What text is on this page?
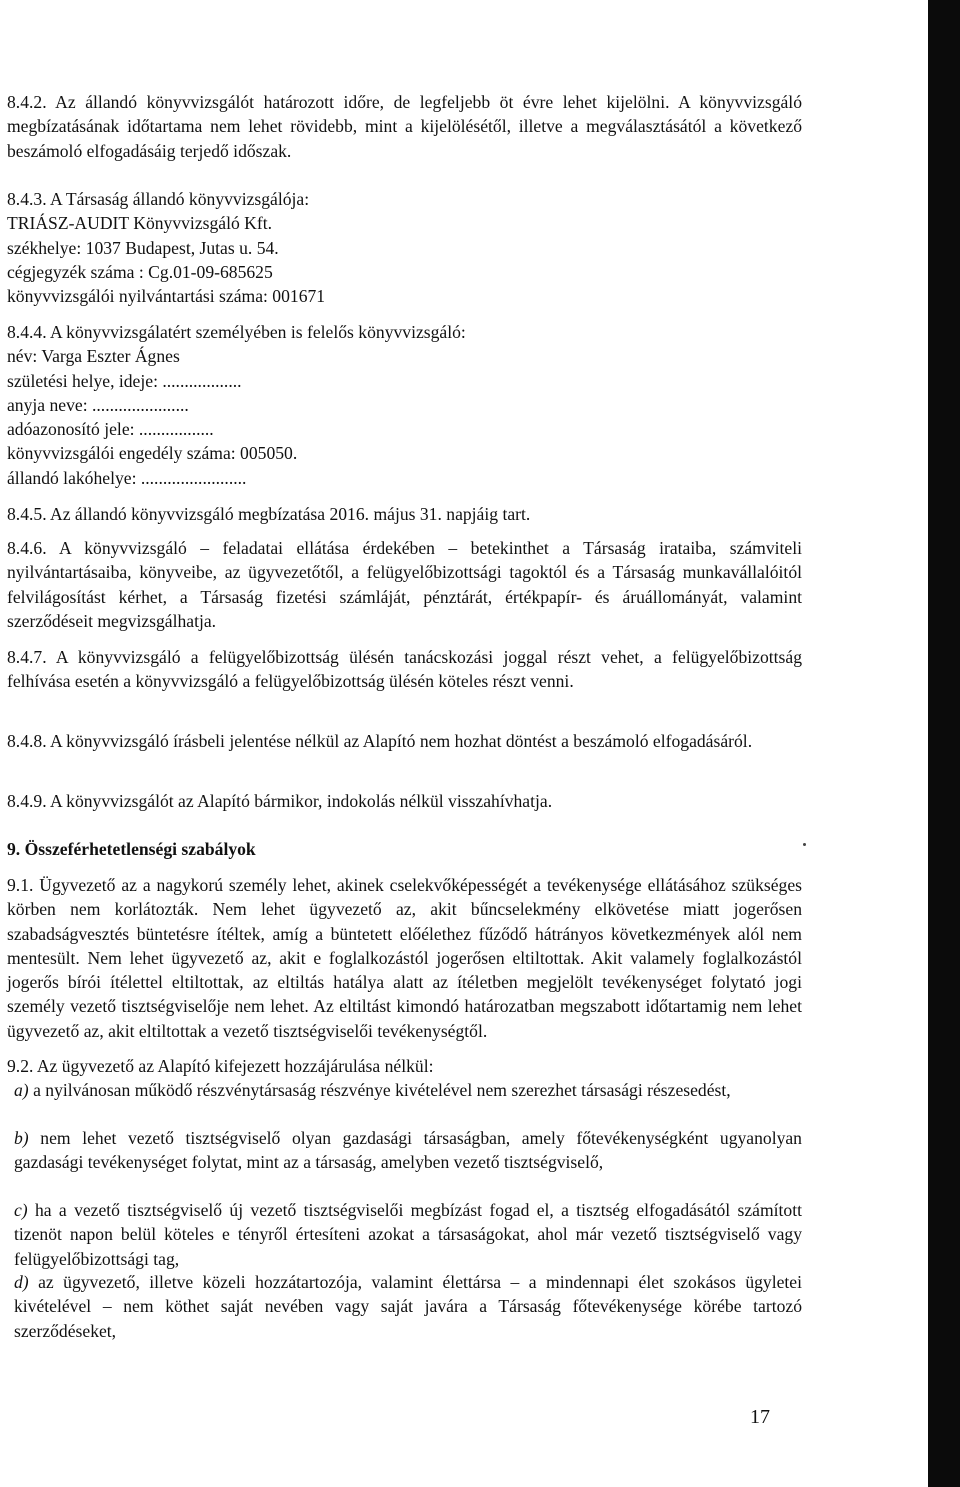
8.4.2. Az állandó könyvvizsgálót határozott időre, de legfeljebb öt évre lehet kijelölni. A könyvvizsgáló megbízatásának időtartama nem lehet rövidebb, mint a kijelölésétől, illetve a megválasztásától a következő beszámoló elfogadásáig terjedő időszak.

8.4.3. A Társaság állandó könyvvizsgálója:
TRIÁSZ-AUDIT Könyvvizsgáló Kft.
székhelye: 1037 Budapest, Jutas u. 54.
cégjegyzék száma : Cg.01-09-685625
könyvvizsgálói nyilvántartási száma: 001671
8.4.4. A könyvvizsgálatért személyében is felelős könyvvizsgáló:
név: Varga Eszter Ágnes
születési helye, ideje: ..................
anyja neve: ......................
adóazonosító jele: .................
könyvvizsgálói engedély száma: 005050.
állandó lakóhelye: ........................

8.4.5. Az állandó könyvvizsgáló megbízatása 2016. május 31. napjáig tart.

8.4.6. A könyvvizsgáló – feladatai ellátása érdekében – betekinthet a Társaság irataiba, számviteli nyilvántartásaiba, könyveibe, az ügyvezetőtől, a felügyelőbizottsági tagoktól és a Társaság munkavállalóitól felvilágosítást kérhet, a Társaság fizetési számláját, pénztárát, értékpapír- és áruállományát, valamint szerződéseit megvizsgálhatja.

8.4.7. A könyvvizsgáló a felügyelőbizottság ülésén tanácskozási joggal részt vehet, a felügyelőbizottság felhívása esetén a könyvvizsgáló a felügyelőbizottság ülésén köteles részt venni.

8.4.8. A könyvvizsgáló írásbeli jelentése nélkül az Alapító nem hozhat döntést a beszámoló elfogadásáról.

8.4.9. A könyvvizsgálót az Alapító bármikor, indokolás nélkül visszahívhatja.

9. Összeférhetetlenségi szabályok

9.1. Ügyvezető az a nagykorú személy lehet, akinek cselekvőképességét a tevékenysége ellátásához szükséges körben nem korlátozták. Nem lehet ügyvezető az, akit bűncselekmény elkövetése miatt jogerősen szabadságvesztés büntetésre ítéltek, amíg a büntetett előélethez fűződő hátrányos következmények alól nem mentesült. Nem lehet ügyvezető az, akit e foglalkozástól jogerősen eltiltottak. Akit valamely foglalkozástól jogerős bírói ítélettel eltiltottak, az eltiltás hatálya alatt az ítéletben megjelölt tevékenységet folytató jogi személy vezető tisztségviselője nem lehet. Az eltiltást kimondó határozatban megszabott időtartamig nem lehet ügyvezető az, akit eltiltottak a vezető tisztségviselői tevékenységtől.

9.2. Az ügyvezető az Alapító kifejezett hozzájárulása nélkül:

a) a nyilvánosan működő részvénytársaság részvénye kivételével nem szerezhet társasági részesedést,

b) nem lehet vezető tisztségviselő olyan gazdasági társaságban, amely főtevékenységként ugyanolyan gazdasági tevékenységet folytat, mint az a társaság, amelyben vezető tisztségviselő,

c) ha a vezető tisztségviselő új vezető tisztségviselői megbízást fogad el, a tisztség elfogadásától számított tizenöt napon belül köteles e tényről értesíteni azokat a társaságokat, ahol már vezető tisztségviselő vagy felügyelőbizottsági tag,

d) az ügyvezető, illetve közeli hozzátartozója, valamint élettársa – a mindennapi élet szokásos ügyletei kivételével – nem köthet saját nevében vagy saját javára a Társaság főtevékenysége körébe tartozó szerződéseket,

17
